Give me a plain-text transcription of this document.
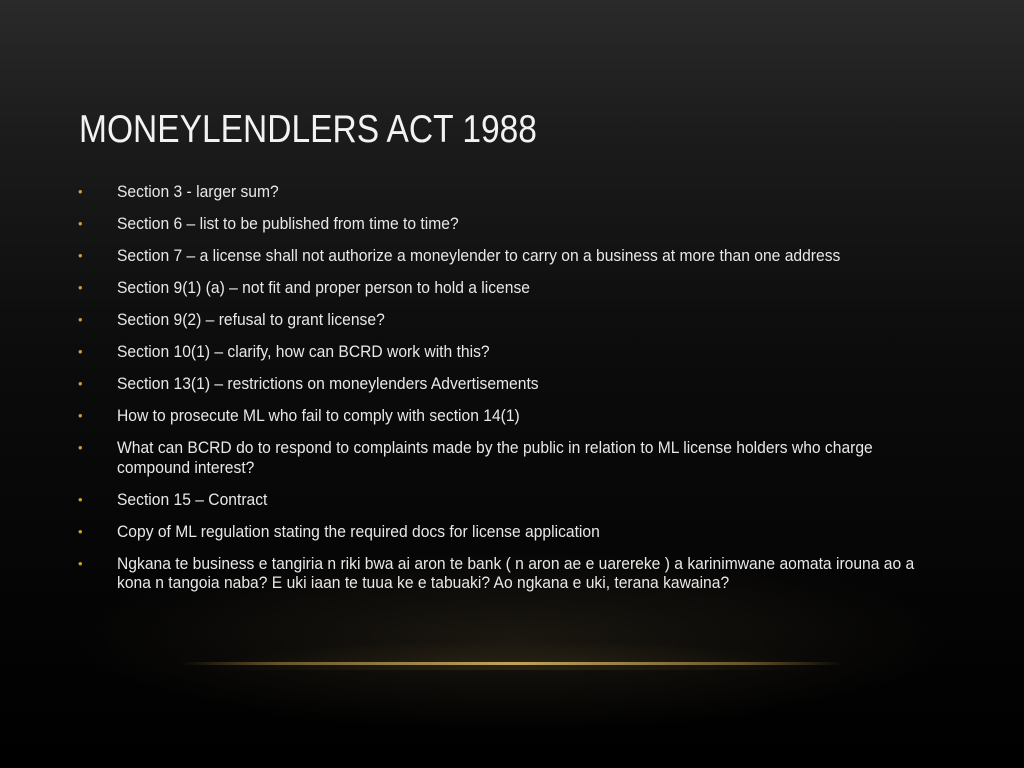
MONEYLENDLERS ACT 1988
• Section 3 - larger sum?
• Section 6 – list to be published from time to time?
• Section 7 – a license shall not authorize a moneylender to carry on a business at more than one address
• Section 9(1) (a) – not fit and proper person to hold a license
• Section 9(2) – refusal to grant license?
• Section 10(1) – clarify, how can BCRD work with this?
• Section 13(1) – restrictions on moneylenders Advertisements
• How to prosecute ML who fail to comply with section 14(1)
• What can BCRD do to respond to complaints made by the public in relation to ML license holders who charge compound interest?
• Section 15 – Contract
• Copy of ML regulation stating the required docs for license application
• Ngkana te business e tangiria n riki bwa ai aron te bank ( n aron ae e uarereke ) a karinimwane aomata irouna ao a kona n tangoia naba? E uki iaan te tuua ke e tabuaki? Ao ngkana e uki, terana kawaina?
